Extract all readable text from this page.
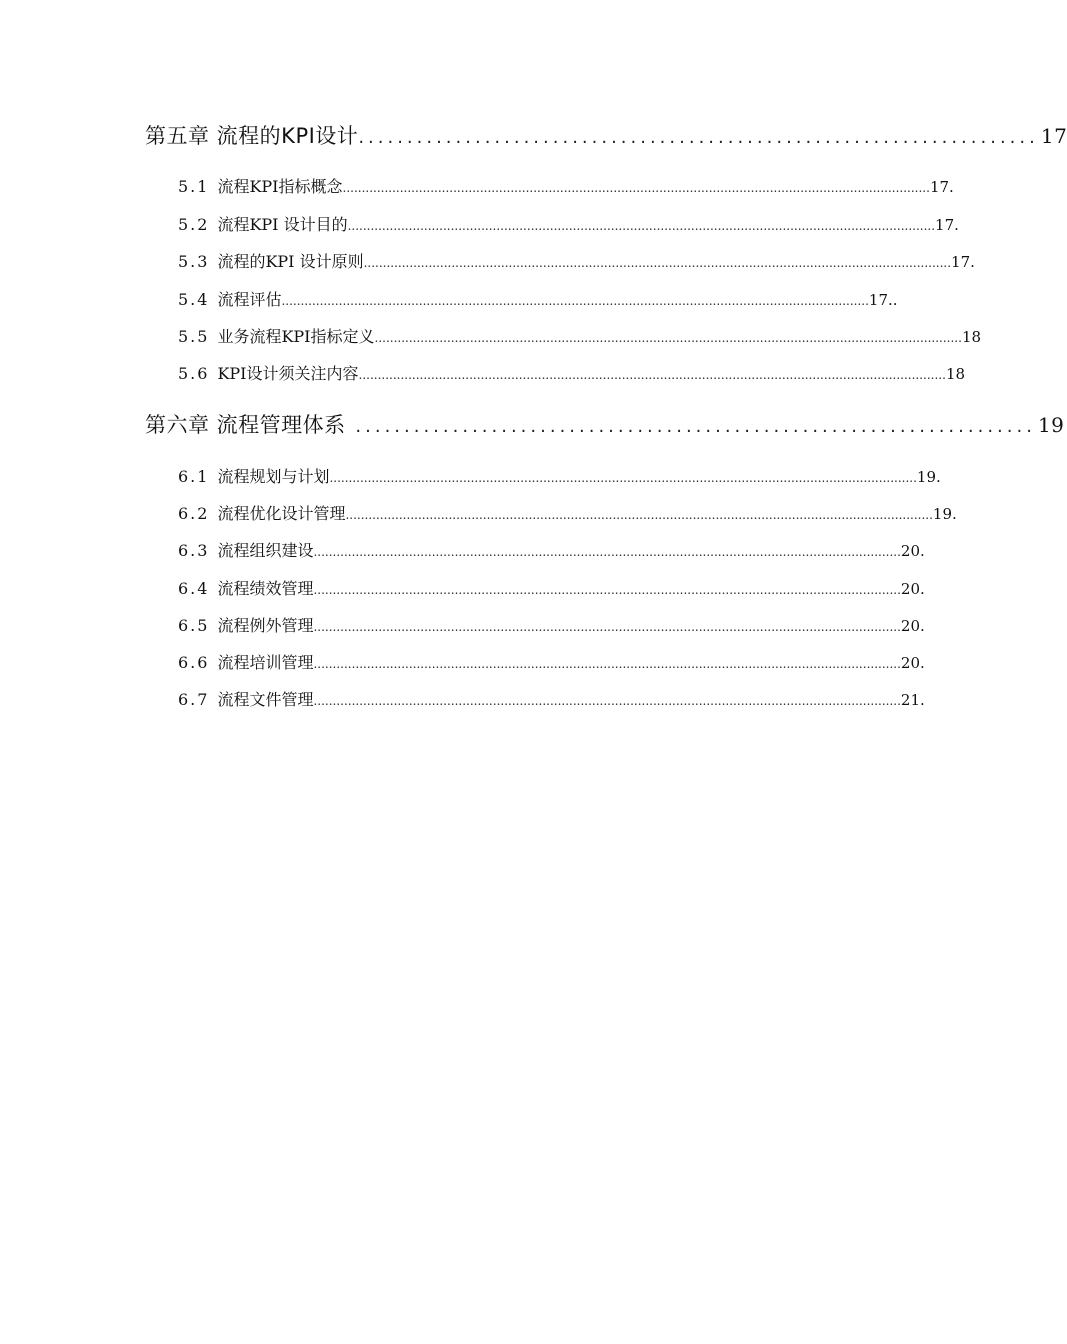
第五章 流程的KPI设计 ...................................................................... 17
5.1 流程KPI指标概念 .......................................................................................................................................................... 17.
5.2 流程KPI 设计目的 .......................................................................................................................................................... 17.
5.3 流程的KPI 设计原则 .......................................................................................................................................................... 17.
5.4 流程评估 .......................................................................................................................................................... 17..
5.5 业务流程KPI指标定义 .......................................................................................................................................................... 18
5.6 KPI设计须关注内容 .......................................................................................................................................................... 18
第六章 流程管理体系 ...................................................................... 19
6.1 流程规划与计划 .......................................................................................................................................................... 19.
6.2 流程优化设计管理 .......................................................................................................................................................... 19.
6.3 流程组织建设 .......................................................................................................................................................... 20.
6.4 流程绩效管理 .......................................................................................................................................................... 20.
6.5 流程例外管理 .......................................................................................................................................................... 20.
6.6 流程培训管理 .......................................................................................................................................................... 20.
6.7 流程文件管理 .......................................................................................................................................................... 21.
